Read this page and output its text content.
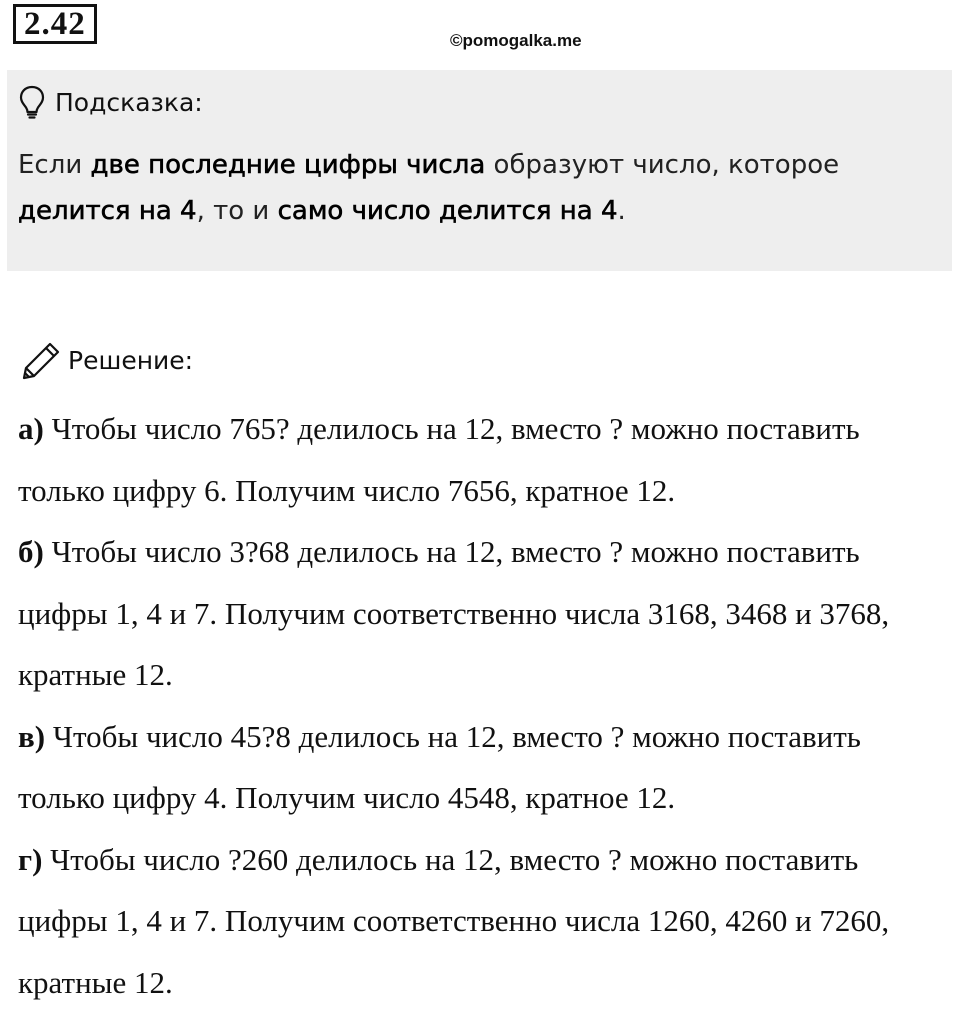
2.42	©pomogalka.me
Подсказка:
Если две последние цифры числа образуют число, которое делится на 4, то и само число делится на 4.
Решение:

а) Чтобы число 765? делилось на 12, вместо ? можно поставить только цифру 6. Получим число 7656, кратное 12.

б) Чтобы число 3?68 делилось на 12, вместо ? можно поставить цифры 1, 4 и 7. Получим соответственно числа 3168, 3468 и 3768, кратные 12.

в) Чтобы число 45?8 делилось на 12, вместо ? можно поставить только цифру 4. Получим число 4548, кратное 12.

г) Чтобы число ?260 делилось на 12, вместо ? можно поставить цифры 1, 4 и 7. Получим соответственно числа 1260, 4260 и 7260, кратные 12.
